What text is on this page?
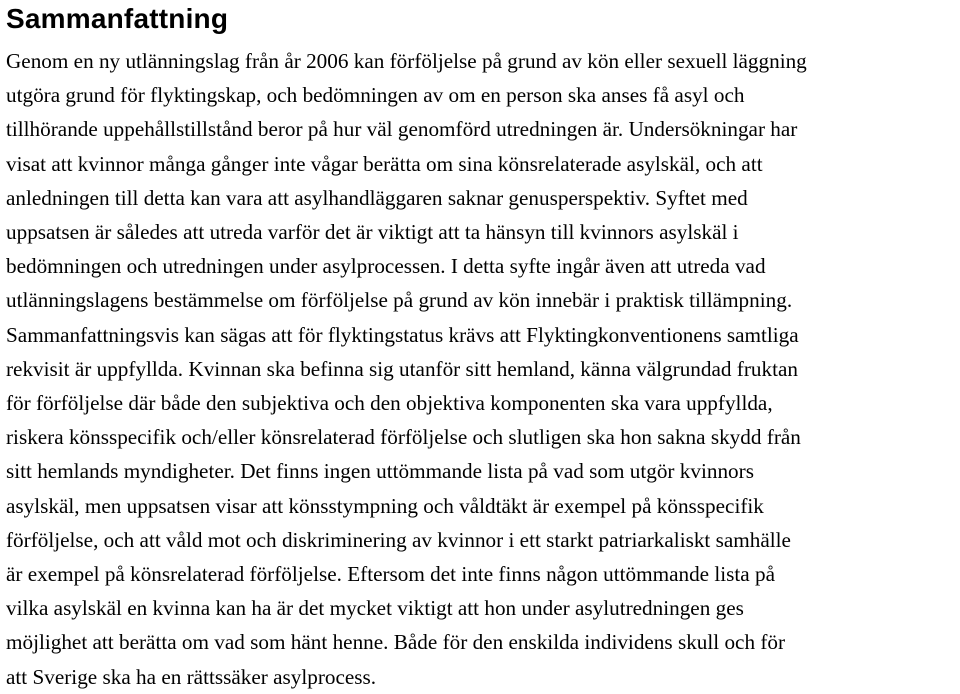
Sammanfattning

Genom en ny utlänningslag från år 2006 kan förföljelse på grund av kön eller sexuell läggning
utgöra grund för flyktingskap, och bedömningen av om en person ska anses få asyl och
tillhörande uppehållstillstånd beror på hur väl genomförd utredningen är. Undersökningar har
visat att kvinnor många gånger inte vågar berätta om sina könsrelaterade asylskäl, och att
anledningen till detta kan vara att asylhandläggaren saknar genusperspektiv. Syftet med
uppsatsen är således att utreda varför det är viktigt att ta hänsyn till kvinnors asylskäl i
bedömningen och utredningen under asylprocessen. I detta syfte ingår även att utreda vad
utlänningslagens bestämmelse om förföljelse på grund av kön innebär i praktisk tillämpning.
Sammanfattningsvis kan sägas att för flyktingstatus krävs att Flyktingkonventionens samtliga
rekvisit är uppfyllda. Kvinnan ska befinna sig utanför sitt hemland, känna välgrundad fruktan
för förföljelse där både den subjektiva och den objektiva komponenten ska vara uppfyllda,
riskera könsspecifik och/eller könsrelaterad förföljelse och slutligen ska hon sakna skydd från
sitt hemlands myndigheter. Det finns ingen uttömmande lista på vad som utgör kvinnors
asylskäl, men uppsatsen visar att könsstympning och våldtäkt är exempel på könsspecifik
förföljelse, och att våld mot och diskriminering av kvinnor i ett starkt patriarkaliskt samhälle
är exempel på könsrelaterad förföljelse. Eftersom det inte finns någon uttömmande lista på
vilka asylskäl en kvinna kan ha är det mycket viktigt att hon under asylutredningen ges
möjlighet att berätta om vad som hänt henne. Både för den enskilda individens skull och för
att Sverige ska ha en rättssäker asylprocess.
